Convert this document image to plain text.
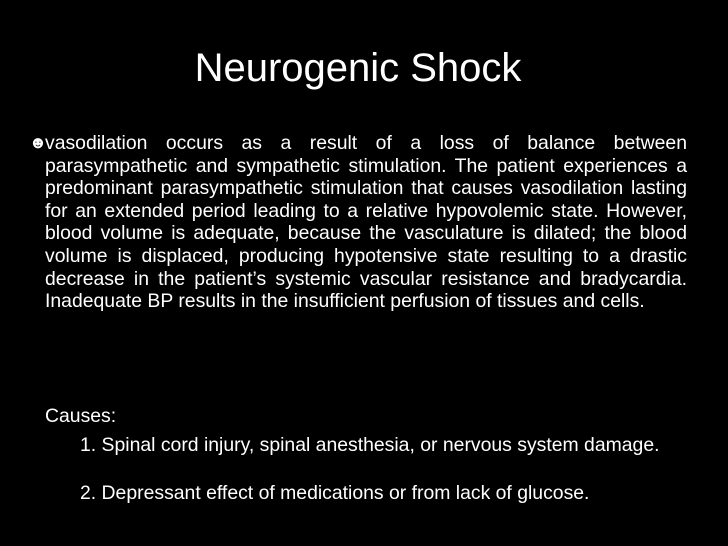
Neurogenic Shock
☻
vasodilation occurs as a result of a loss of balance between parasympathetic and sympathetic stimulation. The patient experiences a predominant parasympathetic stimulation that causes vasodilation lasting for an extended period leading to a relative hypovolemic state. However, blood volume is adequate, because the vasculature is dilated; the blood volume is displaced, producing hypotensive state resulting to a drastic decrease in the patient’s systemic vascular resistance and bradycardia. Inadequate BP results in the insufficient perfusion of tissues and cells.
Causes:
1. Spinal cord injury, spinal anesthesia, or nervous system damage.
2. Depressant effect of medications or from lack of glucose.
